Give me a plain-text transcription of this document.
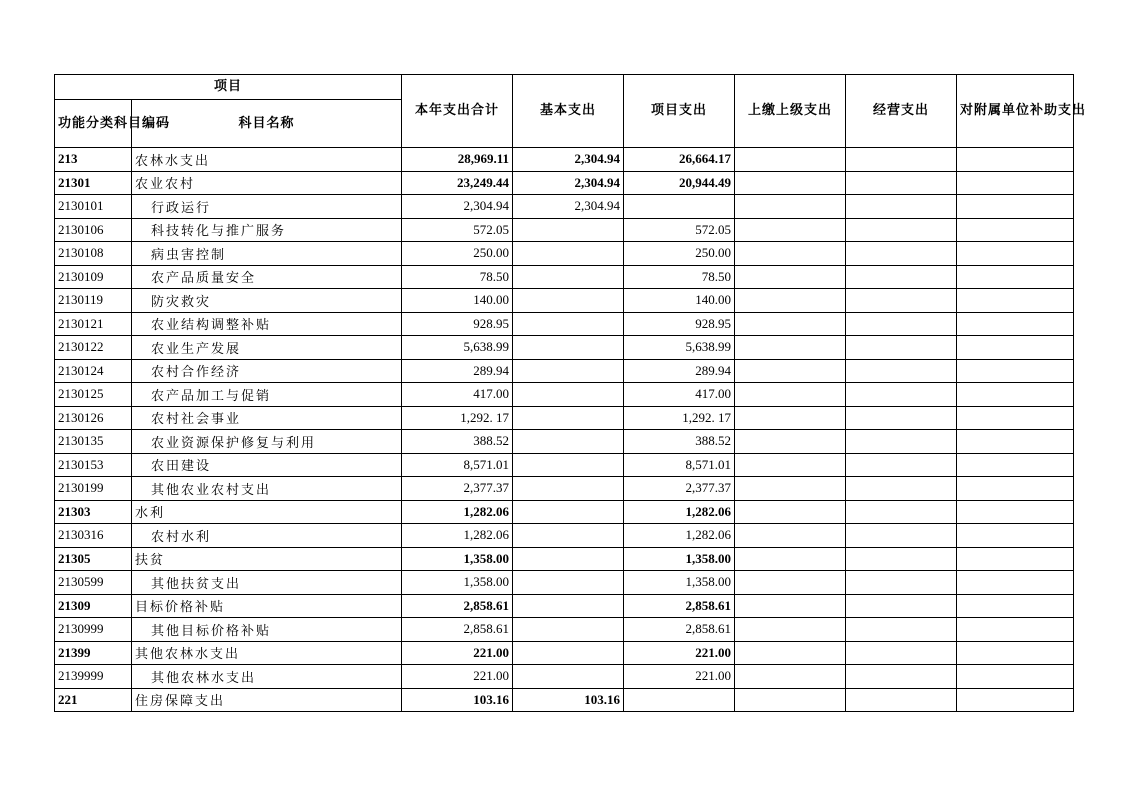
项目		本年支出合计	基本支出	项目支出	上缴上级支出	经营支出	对附属单位补助支出
功能分类科目编码	科目名称						
213	农林水支出	28,969.11	2,304.94	26,664.17			
21301	农业农村	23,249.44	2,304.94	20,944.49			
2130101	行政运行	2,304.94	2,304.94				
2130106	科技转化与推广服务	572.05		572.05			
2130108	病虫害控制	250.00		250.00			
2130109	农产品质量安全	78.50		78.50			
2130119	防灾救灾	140.00		140.00			
2130121	农业结构调整补贴	928.95		928.95			
2130122	农业生产发展	5,638.99		5,638.99			
2130124	农村合作经济	289.94		289.94			
2130125	农产品加工与促销	417.00		417.00			
2130126	农村社会事业	1,292. 17		1,292. 17			
2130135	农业资源保护修复与利用	388.52		388.52			
2130153	农田建设	8,571.01		8,571.01			
2130199	其他农业农村支出	2,377.37		2,377.37			
21303	水利	1,282.06		1,282.06			
2130316	农村水利	1,282.06		1,282.06			
21305	扶贫	1,358.00		1,358.00			
2130599	其他扶贫支出	1,358.00		1,358.00			
21309	目标价格补贴	2,858.61		2,858.61			
2130999	其他目标价格补贴	2,858.61		2,858.61			
21399	其他农林水支出	221.00		221.00			
2139999	其他农林水支出	221.00		221.00			
221	住房保障支出	103.16	103.16				
